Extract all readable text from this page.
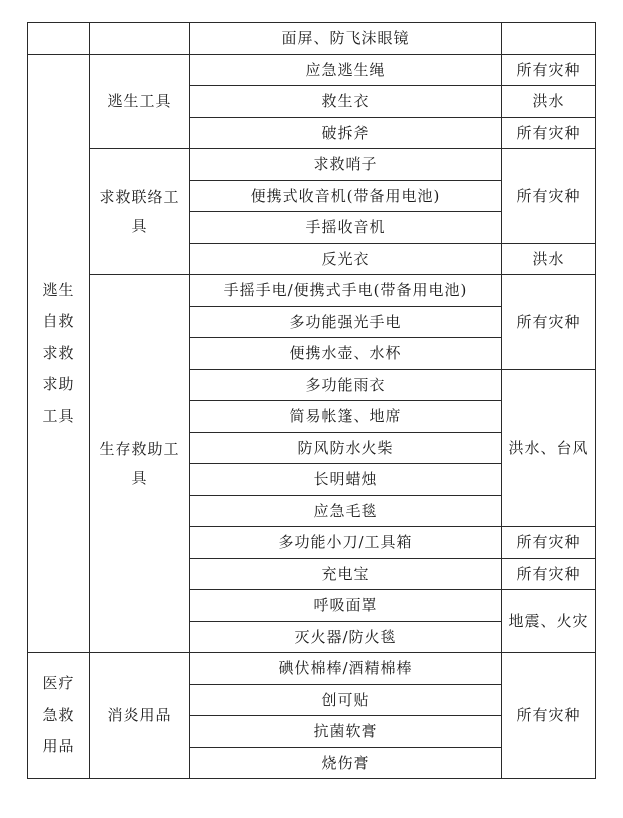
		面屏、防飞沫眼镜	
逃生自救求救求助工具	逃生工具	应急逃生绳	所有灾种
		救生衣	洪水
		破拆斧	所有灾种
	求救联络工具	求救哨子	所有灾种
		便携式收音机(带备用电池)	
		手摇收音机	
		反光衣	洪水
	生存救助工具	手摇手电/便携式手电(带备用电池)	所有灾种
		多功能强光手电	
		便携水壶、水杯	
		多功能雨衣	洪水、台风
		简易帐篷、地席	
		防风防水火柴	
		长明蜡烛	
		应急毛毯	
		多功能小刀/工具箱	所有灾种
		充电宝	所有灾种
		呼吸面罩	地震、火灾
		灭火器/防火毯	
医疗急救用品	消炎用品	碘伏棉棒/酒精棉棒	所有灾种
		创可贴	
		抗菌软膏	
		烧伤膏	
